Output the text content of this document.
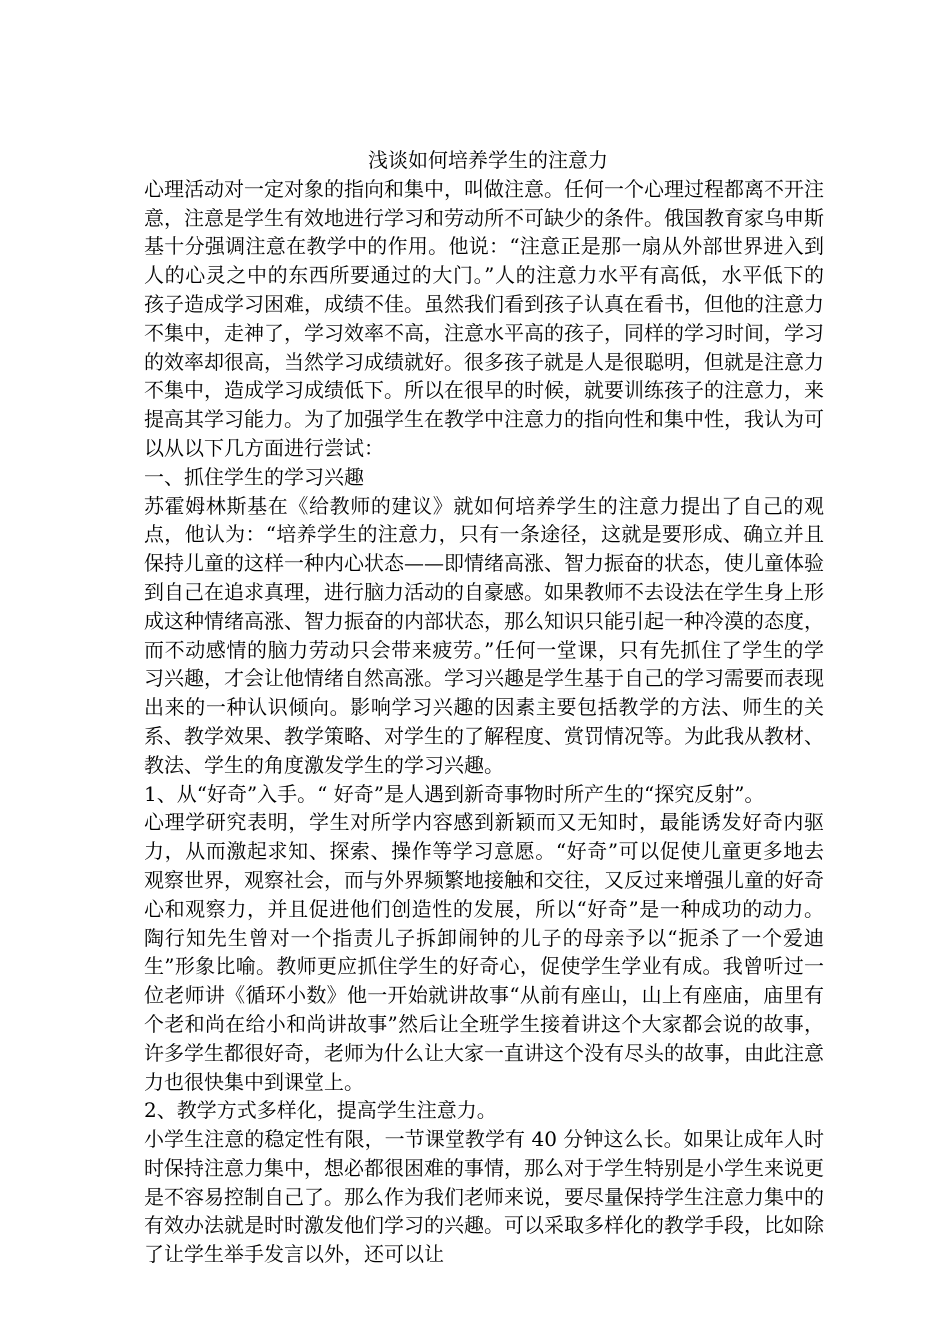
浅谈如何培养学生的注意力

心理活动对一定对象的指向和集中，叫做注意。任何一个心理过程都离不开注意，注意是学生有效地进行学习和劳动所不可缺少的条件。俄国教育家乌申斯基十分强调注意在教学中的作用。他说：“注意正是那一扇从外部世界进入到人的心灵之中的东西所要通过的大门。”人的注意力水平有高低，水平低下的孩子造成学习困难，成绩不佳。虽然我们看到孩子认真在看书，但他的注意力不集中，走神了，学习效率不高，注意水平高的孩子，同样的学习时间，学习的效率却很高，当然学习成绩就好。很多孩子就是人是很聪明，但就是注意力不集中，造成学习成绩低下。所以在很早的时候，就要训练孩子的注意力，来提高其学习能力。为了加强学生在教学中注意力的指向性和集中性，我认为可以从以下几方面进行尝试：

一、抓住学生的学习兴趣

苏霍姆林斯基在《给教师的建议》就如何培养学生的注意力提出了自己的观点，他认为：“培养学生的注意力，只有一条途径，这就是要形成、确立并且保持儿童的这样一种内心状态——即情绪高涨、智力振奋的状态，使儿童体验到自己在追求真理，进行脑力活动的自豪感。如果教师不去设法在学生身上形成这种情绪高涨、智力振奋的内部状态，那么知识只能引起一种冷漠的态度，而不动感情的脑力劳动只会带来疲劳。”任何一堂课，只有先抓住了学生的学习兴趣，才会让他情绪自然高涨。学习兴趣是学生基于自己的学习需要而表现出来的一种认识倾向。影响学习兴趣的因素主要包括教学的方法、师生的关系、教学效果、教学策略、对学生的了解程度、赏罚情况等。为此我从教材、教法、学生的角度激发学生的学习兴趣。

1、从“好奇”入手。“ 好奇”是人遇到新奇事物时所产生的“探究反射”。

心理学研究表明，学生对所学内容感到新颖而又无知时，最能诱发好奇内驱力，从而激起求知、探索、操作等学习意愿。“好奇”可以促使儿童更多地去观察世界，观察社会，而与外界频繁地接触和交往，又反过来增强儿童的好奇心和观察力，并且促进他们创造性的发展，所以“好奇”是一种成功的动力。陶行知先生曾对一个指责儿子拆卸闹钟的儿子的母亲予以“扼杀了一个爱迪生”形象比喻。教师更应抓住学生的好奇心，促使学生学业有成。我曾听过一位老师讲《循环小数》他一开始就讲故事“从前有座山，山上有座庙，庙里有个老和尚在给小和尚讲故事”然后让全班学生接着讲这个大家都会说的故事，许多学生都很好奇，老师为什么让大家一直讲这个没有尽头的故事，由此注意力也很快集中到课堂上。

2、教学方式多样化，提高学生注意力。

小学生注意的稳定性有限，一节课堂教学有 40 分钟这么长。如果让成年人时时保持注意力集中，想必都很困难的事情，那么对于学生特别是小学生来说更是不容易控制自己了。那么作为我们老师来说，要尽量保持学生注意力集中的有效办法就是时时激发他们学习的兴趣。可以采取多样化的教学手段，比如除了让学生举手发言以外，还可以让
